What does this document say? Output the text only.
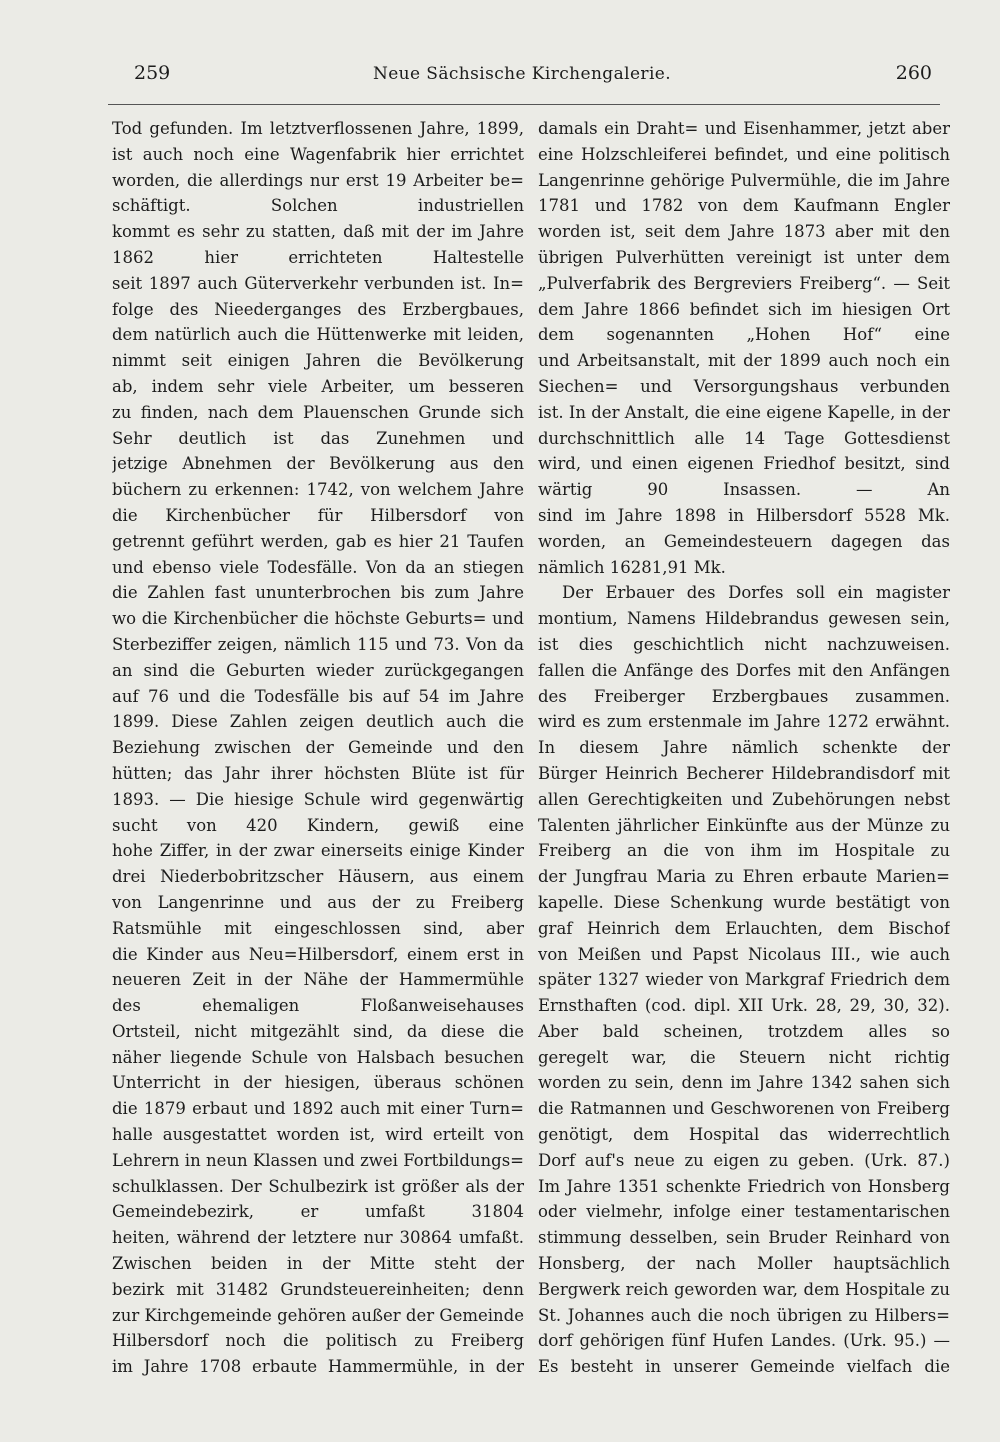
259	Neue Sächsische Kirchengalerie.	260
Tod gefunden. Im letztverflossenen Jahre, 1899,
ist auch noch eine Wagenfabrik hier errichtet
worden, die allerdings nur erst 19 Arbeiter be=
schäftigt. Solchen industriellen
kommt es sehr zu statten, daß mit der im Jahre
1862 hier errichteten Haltestelle
seit 1897 auch Güterverkehr verbunden ist. In=
folge des Nieederganges des Erzbergbaues,
dem natürlich auch die Hüttenwerke mit leiden,
nimmt seit einigen Jahren die Bevölkerung
ab, indem sehr viele Arbeiter, um besseren
zu finden, nach dem Plauenschen Grunde sich
Sehr deutlich ist das Zunehmen und
jetzige Abnehmen der Bevölkerung aus den
büchern zu erkennen: 1742, von welchem Jahre
die Kirchenbücher für Hilbersdorf von
getrennt geführt werden, gab es hier 21 Taufen
und ebenso viele Todesfälle. Von da an stiegen
die Zahlen fast ununterbrochen bis zum Jahre
wo die Kirchenbücher die höchste Geburts= und
Sterbeziffer zeigen, nämlich 115 und 73. Von da
an sind die Geburten wieder zurückgegangen
auf 76 und die Todesfälle bis auf 54 im Jahre
1899. Diese Zahlen zeigen deutlich auch die
Beziehung zwischen der Gemeinde und den
hütten; das Jahr ihrer höchsten Blüte ist für
1893. — Die hiesige Schule wird gegenwärtig
sucht von 420 Kindern, gewiß eine
hohe Ziffer, in der zwar einerseits einige Kinder
drei Niederbobritzscher Häusern, aus einem
von Langenrinne und aus der zu Freiberg
Ratsmühle mit eingeschlossen sind, aber
die Kinder aus Neu=Hilbersdorf, einem erst in
neueren Zeit in der Nähe der Hammermühle
des ehemaligen Floßanweisehauses
Ortsteil, nicht mitgezählt sind, da diese die
näher liegende Schule von Halsbach besuchen
Unterricht in der hiesigen, überaus schönen
die 1879 erbaut und 1892 auch mit einer Turn=
halle ausgestattet worden ist, wird erteilt von
Lehrern in neun Klassen und zwei Fortbildungs=
schulklassen. Der Schulbezirk ist größer als der
Gemeindebezirk, er umfaßt 31804
heiten, während der letztere nur 30864 umfaßt.
Zwischen beiden in der Mitte steht der
bezirk mit 31482 Grundsteuereinheiten; denn
zur Kirchgemeinde gehören außer der Gemeinde
Hilbersdorf noch die politisch zu Freiberg
im Jahre 1708 erbaute Hammermühle, in der
damals ein Draht= und Eisenhammer, jetzt aber
eine Holzschleiferei befindet, und eine politisch
Langenrinne gehörige Pulvermühle, die im Jahre
1781 und 1782 von dem Kaufmann Engler
worden ist, seit dem Jahre 1873 aber mit den
übrigen Pulverhütten vereinigt ist unter dem
„Pulverfabrik des Bergreviers Freiberg“. — Seit
dem Jahre 1866 befindet sich im hiesigen Ort
dem sogenannten „Hohen Hof“ eine
und Arbeitsanstalt, mit der 1899 auch noch ein
Siechen= und Versorgungshaus verbunden
ist. In der Anstalt, die eine eigene Kapelle, in der
durchschnittlich alle 14 Tage Gottesdienst
wird, und einen eigenen Friedhof besitzt, sind
wärtig 90 Insassen. — An
sind im Jahre 1898 in Hilbersdorf 5528 Mk.
worden, an Gemeindesteuern dagegen das
nämlich 16281,91 Mk.
Der Erbauer des Dorfes soll ein magister
montium, Namens Hildebrandus gewesen sein,
ist dies geschichtlich nicht nachzuweisen.
fallen die Anfänge des Dorfes mit den Anfängen
des Freiberger Erzbergbaues zusammen.
wird es zum erstenmale im Jahre 1272 erwähnt.
In diesem Jahre nämlich schenkte der
Bürger Heinrich Becherer Hildebrandisdorf mit
allen Gerechtigkeiten und Zubehörungen nebst
Talenten jährlicher Einkünfte aus der Münze zu
Freiberg an die von ihm im Hospitale zu
der Jungfrau Maria zu Ehren erbaute Marien=
kapelle. Diese Schenkung wurde bestätigt von
graf Heinrich dem Erlauchten, dem Bischof
von Meißen und Papst Nicolaus III., wie auch
später 1327 wieder von Markgraf Friedrich dem
Ernsthaften (cod. dipl. XII Urk. 28, 29, 30, 32).
Aber bald scheinen, trotzdem alles so
geregelt war, die Steuern nicht richtig
worden zu sein, denn im Jahre 1342 sahen sich
die Ratmannen und Geschworenen von Freiberg
genötigt, dem Hospital das widerrechtlich
Dorf auf's neue zu eigen zu geben. (Urk. 87.)
Im Jahre 1351 schenkte Friedrich von Honsberg
oder vielmehr, infolge einer testamentarischen
stimmung desselben, sein Bruder Reinhard von
Honsberg, der nach Moller hauptsächlich
Bergwerk reich geworden war, dem Hospitale zu
St. Johannes auch die noch übrigen zu Hilbers=
dorf gehörigen fünf Hufen Landes. (Urk. 95.) —
Es besteht in unserer Gemeinde vielfach die
